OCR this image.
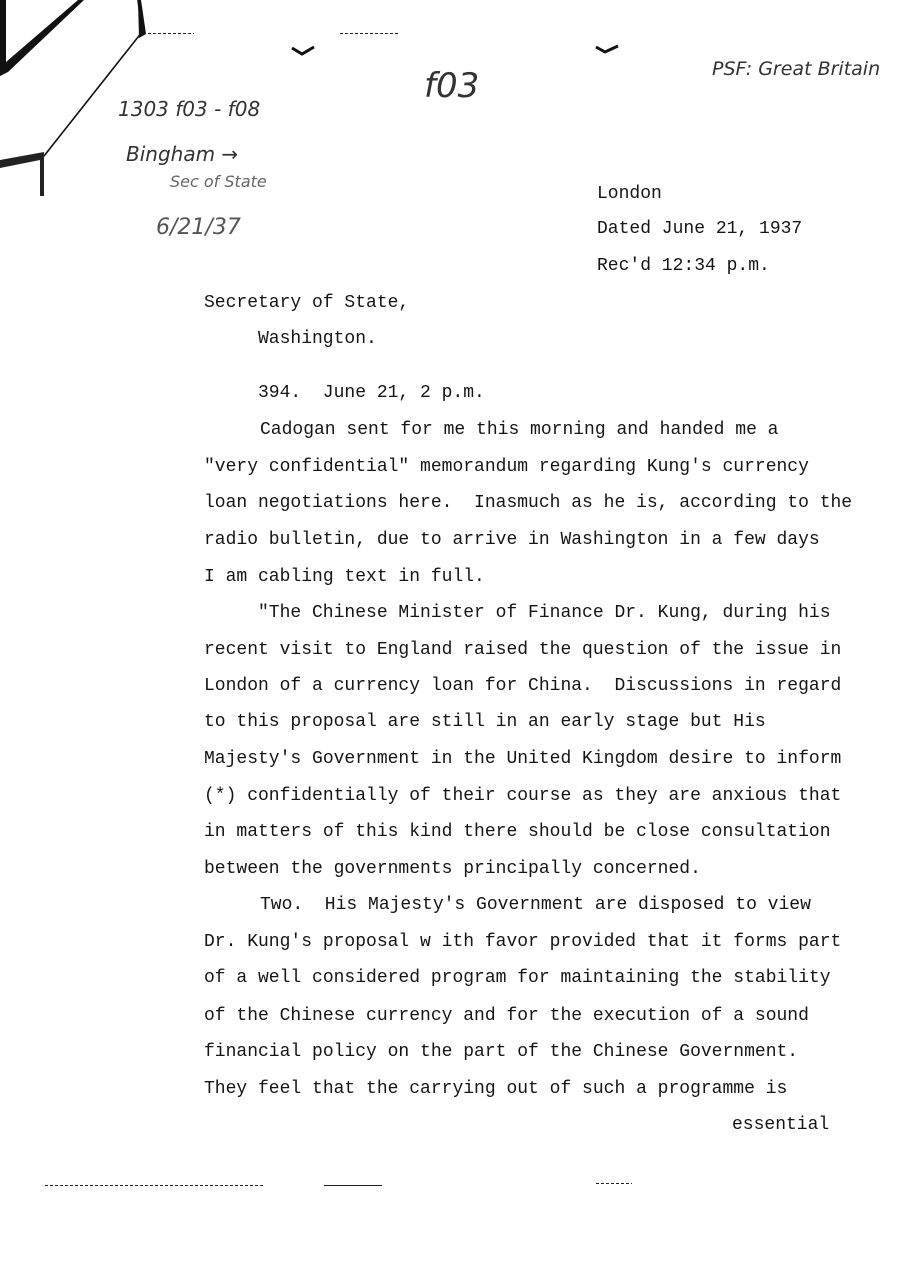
1303 f03 - f08
f03
Bingham →
Sec of State
6/21/37
PSF: Great Britain
London
Dated June 21, 1937
Rec'd 12:34 p.m.
Secretary of State,
Washington.
394.  June 21, 2 p.m.
Cadogan sent for me this morning and handed me a
"very confidential" memorandum regarding Kung's currency
loan negotiations here.  Inasmuch as he is, according to the
radio bulletin, due to arrive in Washington in a few days
I am cabling text in full.
"The Chinese Minister of Finance Dr. Kung, during his
recent visit to England raised the question of the issue in
London of a currency loan for China.  Discussions in regard
to this proposal are still in an early stage but His
Majesty's Government in the United Kingdom desire to inform
(*) confidentially of their course as they are anxious that
in matters of this kind there should be close consultation
between the governments principally concerned.
Two.  His Majesty's Government are disposed to view
Dr. Kung's proposal w ith favor provided that it forms part
of a well considered program for maintaining the stability
of the Chinese currency and for the execution of a sound
financial policy on the part of the Chinese Government.
They feel that the carrying out of such a programme is
essential
